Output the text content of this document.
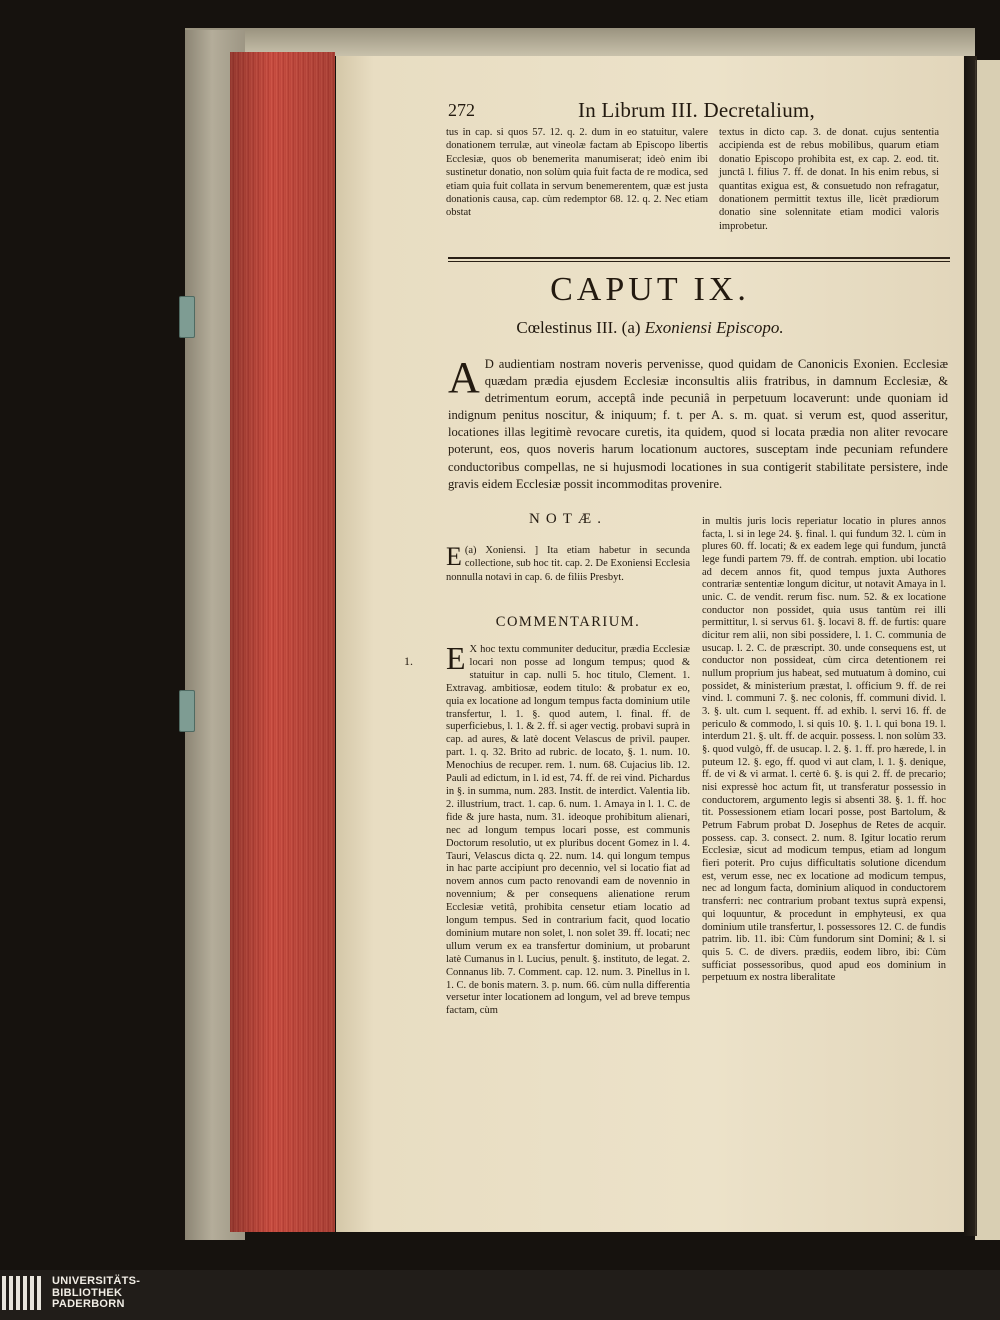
272	In Librum III. Decretalium,

tus in cap. si quos 57. 12. q. 2. dum in eo statuitur, valere donationem terrulæ, aut vineolæ factam ab Episcopo libertis Ecclesiæ, quos ob benemerita manumiserat; ideò enim ibi sustinetur donatio, non solùm quia fuit facta de re modica, sed etiam quia fuit collata in servum benemerentem, quæ est justa donationis causa, cap. cùm redemptor 68. 12. q. 2. Nec etiam obstat

textus in dicto cap. 3. de donat. cujus sententia accipienda est de rebus mobilibus, quarum etiam donatio Episcopo prohibita est, ex cap. 2. eod. tit. junctâ l. filius 7. ff. de donat. In his enim rebus, si quantitas exigua est, & consuetudo non refragatur, donationem permittit textus ille, licèt prædiorum donatio sine solennitate etiam modici valoris improbetur.

CAPUT IX.
Cœlestinus III. (a) Exoniensi Episcopo.
A D audientiam nostram noveris pervenisse, quod quidam de Canonicis Exonien. Ecclesiæ quædam prædia ejusdem Ecclesiæ inconsultis aliis fratribus, in damnum Ecclesiæ, & detrimentum eorum, acceptâ inde pecuniâ in perpetuum locaverunt: unde quoniam id indignum penitus noscitur, & iniquum; f. t. per A. s. m. quat. si verum est, quod asseritur, locationes illas legitimè revocare curetis, ita quidem, quod si locata prædia non aliter revocare poterunt, eos, quos noveris harum locationum auctores, susceptam inde pecuniam refundere conductoribus compellas, ne si hujusmodi locationes in sua contigerit stabilitate persistere, inde gravis eidem Ecclesiæ possit incommoditas provenire.
NOTÆ.
(a)
E Xoniensi. ] Ita etiam habetur in secunda collectione, sub hoc tit. cap. 2. De Exoniensi Ecclesia nonnulla notavi in cap. 6. de filiis Presbyt.
COMMENTARIUM.
1. E X hoc textu communiter deducitur, prædia Ecclesiæ locari non posse ad longum tempus; quod & statuitur in cap. nulli 5. hoc titulo, Clement. 1. Extravag. ambitiosæ, eodem titulo: & probatur ex eo, quia ex locatione ad longum tempus facta dominium utile transfertur, l. 1. §. quod autem, l. final. ff. de superficiebus, l. 1. & 2. ff. si ager vectig. probavi suprà in cap. ad aures, & latè docent Velascus de privil. pauper. part. 1. q. 32. Brito ad rubric. de locato, §. 1. num. 10. Menochius de recuper. rem. 1. num. 68. Cujacius lib. 12. Pauli ad edictum, in l. id est, 74. ff. de rei vind. Pichardus in §. in summa, num. 283. Instit. de interdict. Valentia lib. 2. illustrium, tract. 1. cap. 6. num. 1. Amaya in l. 1. C. de fide & jure hasta, num. 31. ideoque prohibitum alienari, nec ad longum tempus locari posse, est communis Doctorum resolutio, ut ex pluribus docent Gomez in l. 4. Tauri, Velascus dicta q. 22. num. 14. qui longum tempus in hac parte accipiunt pro decennio, vel si locatio fiat ad novem annos cum pacto renovandi eam de novennio in novennium; & per consequens alienatione rerum Ecclesiæ vetitâ, prohibita censetur etiam locatio ad longum tempus. Sed in contrarium facit, quod locatio dominium mutare non solet, l. non solet 39. ff. locati; nec ullum verum ex ea transfertur dominium, ut probarunt latè Cumanus in l. Lucius, penult. §. instituto, de legat. 2. Connanus lib. 7. Comment. cap. 12. num. 3. Pinellus in l. 1. C. de bonis matern. 3. p. num. 66. cùm nulla differentia versetur inter locationem ad longum, vel ad breve tempus factam, cùm
in multis juris locis reperiatur locatio in plures annos facta, l. si in lege 24. §. final. l. qui fundum 32. l. cùm in plures 60. ff. locati; & ex eadem lege qui fundum, junctâ lege fundi partem 79. ff. de contrah. emption. ubi locatio ad decem annos fit, quod tempus juxta Authores contrariæ sententiæ longum dicitur, ut notavit Amaya in l. unic. C. de vendit. rerum fisc. num. 52. & ex locatione conductor non possidet, quia usus tantùm rei illi permittitur, l. si servus 61. §. locavi 8. ff. de furtis: quare dicitur rem alii, non sibi possidere, l. 1. C. communia de usucap. l. 2. C. de præscript. 30. unde consequens est, ut conductor non possideat, cùm circa detentionem rei nullum proprium jus habeat, sed mutuatum à domino, cui possidet, & ministerium præstat, l. officium 9. ff. de rei vind. l. communi 7. §. nec colonis, ff. communi divid. l. 3. §. ult. cum l. sequent. ff. ad exhib. l. servi 16. ff. de periculo & commodo, l. si quis 10. §. 1. l. qui bona 19. l. interdum 21. §. ult. ff. de acquir. possess. l. non solùm 33. §. quod vulgò, ff. de usucap. l. 2. §. 1. ff. pro hærede, l. in puteum 12. §. ego, ff. quod vi aut clam, l. 1. §. denique, ff. de vi & vi armat. l. certè 6. §. is qui 2. ff. de precario; nisi expressè hoc actum fit, ut transferatur possessio in conductorem, argumento legis si absenti 38. §. 1. ff. hoc tit. Possessionem etiam locari posse, post Bartolum, & Petrum Fabrum probat D. Josephus de Retes de acquir. possess. cap. 3. consect. 2. num. 8. Igitur locatio rerum Ecclesiæ, sicut ad modicum tempus, etiam ad longum fieri poterit. Pro cujus difficultatis solutione dicendum est, verum esse, nec ex locatione ad modicum tempus, nec ad longum facta, dominium aliquod in conductorem transferri: nec contrarium probant textus suprà expensi, qui loquuntur, & procedunt in emphyteusi, ex qua dominium utile transfertur, l. possessores 12. C. de fundis patrim. lib. 11. ibi: Cùm fundorum sint Domini; & l. si quis 5. C. de divers. prædiis, eodem libro, ibi: Cùm sufficiat possessoribus, quod apud eos dominium in perpetuum ex nostra liberalitate
UNIVERSITÄTS-
BIBLIOTHEK
PADERBORN
